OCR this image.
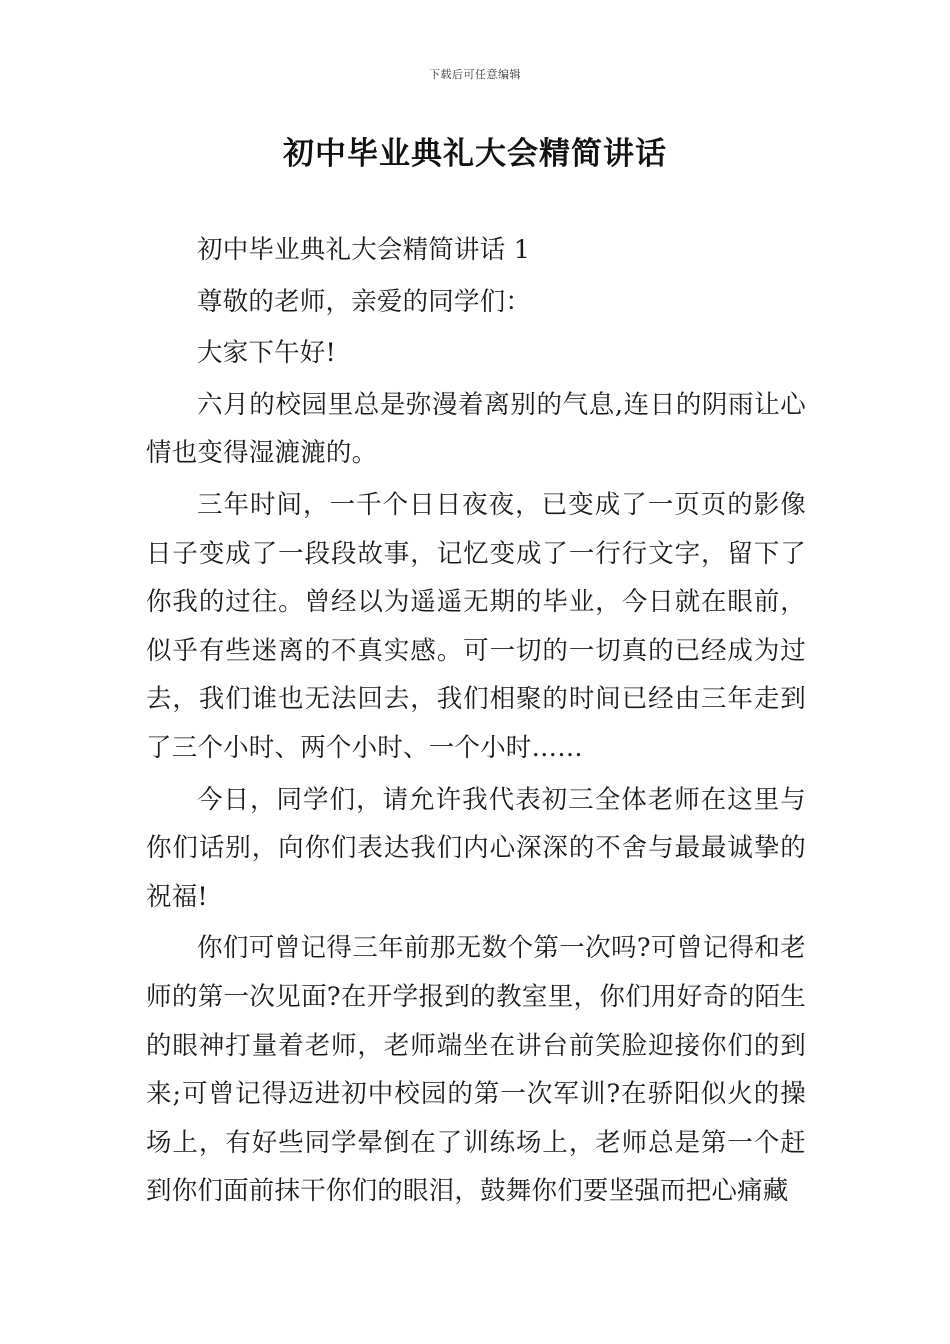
下载后可任意编辑
初中毕业典礼大会精简讲话

初中毕业典礼大会精简讲话 1

尊敬的老师，亲爱的同学们：

大家下午好!

六月的校园里总是弥漫着离别的气息,连日的阴雨让心情也变得湿漉漉的。

三年时间，一千个日日夜夜，已变成了一页页的影像日子变成了一段段故事，记忆变成了一行行文字，留下了你我的过往。曾经以为遥遥无期的毕业，今日就在眼前，似乎有些迷离的不真实感。可一切的一切真的已经成为过去，我们谁也无法回去，我们相聚的时间已经由三年走到了三个小时、两个小时、一个小时……

今日，同学们，请允许我代表初三全体老师在这里与你们话别，向你们表达我们内心深深的不舍与最最诚挚的祝福!

你们可曾记得三年前那无数个第一次吗?可曾记得和老师的第一次见面?在开学报到的教室里，你们用好奇的陌生的眼神打量着老师，老师端坐在讲台前笑脸迎接你们的到来;可曾记得迈进初中校园的第一次军训?在骄阳似火的操场上，有好些同学晕倒在了训练场上，老师总是第一个赶到你们面前抹干你们的眼泪，鼓舞你们要坚强而把心痛藏
